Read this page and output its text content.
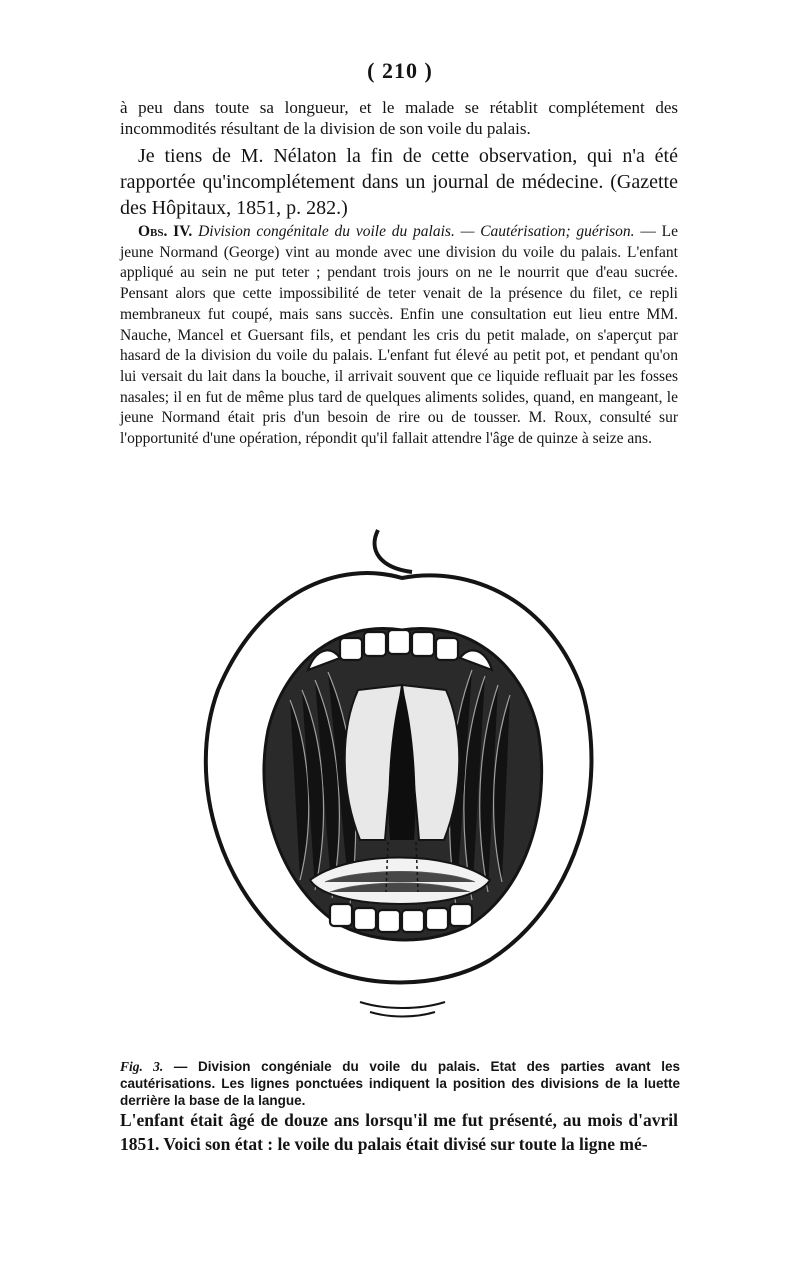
( 210 )

à peu dans toute sa longueur, et le malade se rétablit complétement des incommodités résultant de la division de son voile du palais.

Je tiens de M. Nélaton la fin de cette observation, qui n'a été rapportée qu'incomplétement dans un journal de médecine. (Gazette des Hôpitaux, 1851, p. 282.)

Obs. IV. Division congénitale du voile du palais. — Cautérisation; guérison. — Le jeune Normand (George) vint au monde avec une division du voile du palais. L'enfant appliqué au sein ne put teter ; pendant trois jours on ne le nourrit que d'eau sucrée. Pensant alors que cette impossibilité de teter venait de la présence du filet, ce repli membraneux fut coupé, mais sans succès. Enfin une consultation eut lieu entre MM. Nauche, Mancel et Guersant fils, et pendant les cris du petit malade, on s'aperçut par hasard de la division du voile du palais. L'enfant fut élevé au petit pot, et pendant qu'on lui versait du lait dans la bouche, il arrivait souvent que ce liquide refluait par les fosses nasales; il en fut de même plus tard de quelques aliments solides, quand, en mangeant, le jeune Normand était pris d'un besoin de rire ou de tousser. M. Roux, consulté sur l'opportunité d'une opération, répondit qu'il fallait attendre l'âge de quinze à seize ans.

Fig. 3. — Division congéniale du voile du palais. Etat des parties avant les cautérisations. Les lignes ponctuées indiquent la position des divisions de la luette derrière la base de la langue.

L'enfant était âgé de douze ans lorsqu'il me fut présenté, au mois d'avril 1851. Voici son état : le voile du palais était divisé sur toute la ligne mé-
